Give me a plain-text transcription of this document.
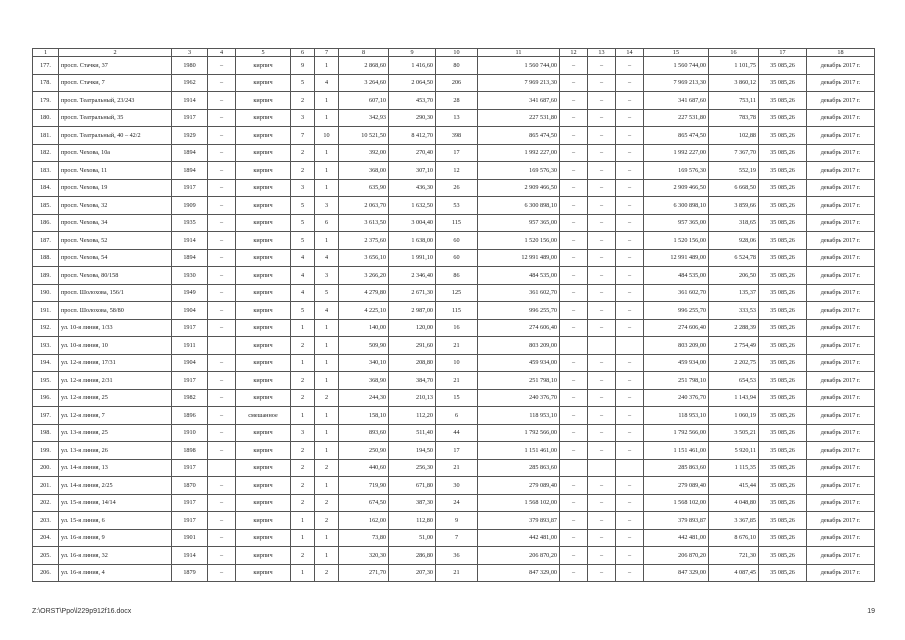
1	2	3	4	5	6	7	8	9	10	11	12	13	14	15	16	17	18
177.	просп. Стачки, 37	1980	–	кирпич	9	1	2 868,60	1 416,60	80	1 560 744,00	–	–	–	1 560 744,00	1 101,75	35 085,26	декабрь 2017 г.
178.	просп. Стачки, 7	1962	–	кирпич	5	4	3 264,60	2 064,50	206	7 969 213,30	–	–	–	7 969 213,30	3 860,12	35 085,26	декабрь 2017 г.
179.	просп. Театральный, 23/243	1914	–	кирпич	2	1	607,10	453,70	28	341 687,60	–	–	–	341 687,60	753,11	35 085,26	декабрь 2017 г.
180.	просп. Театральный, 35	1917	–	кирпич	3	1	342,93	290,30	13	227 531,80	–	–	–	227 531,80	783,78	35 085,26	декабрь 2017 г.
181.	просп. Театральный, 40 – 42/2	1929	–	кирпич	7	10	10 521,50	8 412,70	398	865 474,50	–	–	–	865 474,50	102,88	35 085,26	декабрь 2017 г.
182.	просп. Чехова, 10а	1894	–	кирпич	2	1	392,00	270,40	17	1 992 227,00	–	–	–	1 992 227,00	7 367,70	35 085,26	декабрь 2017 г.
183.	просп. Чехова, 11	1894	–	кирпич	2	1	368,00	307,10	12	169 576,30	–	–	–	169 576,30	552,19	35 085,26	декабрь 2017 г.
184.	просп. Чехова, 19	1917	–	кирпич	3	1	635,90	436,30	26	2 909 466,50	–	–	–	2 909 466,50	6 668,50	35 085,26	декабрь 2017 г.
185.	просп. Чехова, 32	1909	–	кирпич	5	3	2 063,70	1 632,50	53	6 300 898,10	–	–	–	6 300 898,10	3 859,66	35 085,26	декабрь 2017 г.
186.	просп. Чехова, 34	1935	–	кирпич	5	6	3 613,50	3 004,40	115	957 365,00	–	–	–	957 365,00	318,65	35 085,26	декабрь 2017 г.
187.	просп. Чехова, 52	1914	–	кирпич	5	1	2 375,60	1 638,00	60	1 520 156,00	–	–	–	1 520 156,00	928,06	35 085,26	декабрь 2017 г.
188.	просп. Чехова, 54	1894	–	кирпич	4	4	3 656,10	1 991,10	60	12 991 489,00	–	–	–	12 991 489,00	6 524,78	35 085,26	декабрь 2017 г.
189.	просп. Чехова, 80/158	1930	–	кирпич	4	3	3 266,20	2 346,40	86	484 535,00	–	–	–	484 535,00	206,50	35 085,26	декабрь 2017 г.
190.	просп. Шолохова, 156/1	1949	–	кирпич	4	5	4 279,80	2 671,30	125	361 602,70	–	–	–	361 602,70	135,37	35 085,26	декабрь 2017 г.
191.	просп. Шолохова, 58/80	1904	–	кирпич	5	4	4 225,10	2 987,00	115	996 255,70	–	–	–	996 255,70	333,53	35 085,26	декабрь 2017 г.
192.	ул. 10-я линия, 1/33	1917	–	кирпич	1	1	140,00	120,00	16	274 606,40	–	–	–	274 606,40	2 288,39	35 085,26	декабрь 2017 г.
193.	ул. 10-я линия, 10	1911		кирпич	2	1	509,90	291,60	21	803 209,00				803 209,00	2 754,49	35 085,26	декабрь 2017 г.
194.	ул. 12-я линия, 17/31	1904	–	кирпич	1	1	340,10	208,80	10	459 934,00	–	–	–	459 934,00	2 202,75	35 085,26	декабрь 2017 г.
195.	ул. 12-я линия, 2/31	1917	–	кирпич	2	1	368,90	384,70	21	251 798,10	–	–	–	251 798,10	654,53	35 085,26	декабрь 2017 г.
196.	ул. 12-я линия, 25	1982	–	кирпич	2	2	244,30	210,13	15	240 376,70	–	–	–	240 376,70	1 143,94	35 085,26	декабрь 2017 г.
197.	ул. 12-я линия, 7	1896	–	смешанное	1	1	158,10	112,20	6	118 953,10	–	–	–	118 953,10	1 060,19	35 085,26	декабрь 2017 г.
198.	ул. 13-я линия, 25	1910	–	кирпич	3	1	893,60	511,40	44	1 792 566,00	–	–	–	1 792 566,00	3 505,21	35 085,26	декабрь 2017 г.
199.	ул. 13-я линия, 26	1898	–	кирпич	2	1	250,90	194,50	17	1 151 461,00	–	–	–	1 151 461,00	5 920,11	35 085,26	декабрь 2017 г.
200.	ул. 14-я линия, 13	1917		кирпич	2	2	440,60	256,30	21	285 863,60				285 863,60	1 115,35	35 085,26	декабрь 2017 г.
201.	ул. 14-я линия, 2/25	1870	–	кирпич	2	1	719,90	671,80	30	279 089,40	–	–	–	279 089,40	415,44	35 085,26	декабрь 2017 г.
202.	ул. 15-я линия, 14/14	1917	–	кирпич	2	2	674,50	387,30	24	1 568 102,00	–	–	–	1 568 102,00	4 048,80	35 085,26	декабрь 2017 г.
203.	ул. 15-я линия, 6	1917	–	кирпич	1	2	162,00	112,80	9	379 893,87	–	–	–	379 893,87	3 367,85	35 085,26	декабрь 2017 г.
204.	ул. 16-я линия, 9	1901	–	кирпич	1	1	73,80	51,00	7	442 481,00	–	–	–	442 481,00	8 676,10	35 085,26	декабрь 2017 г.
205.	ул. 16-я линия, 32	1914	–	кирпич	2	1	320,30	286,80	36	206 870,20	–	–	–	206 870,20	721,30	35 085,26	декабрь 2017 г.
206.	ул. 16-я линия, 4	1879	–	кирпич	1	2	271,70	207,30	21	847 329,00	–	–	–	847 329,00	4 087,45	35 085,26	декабрь 2017 г.
Z:\ORST\Ppo\l229p912f16.docx	19
